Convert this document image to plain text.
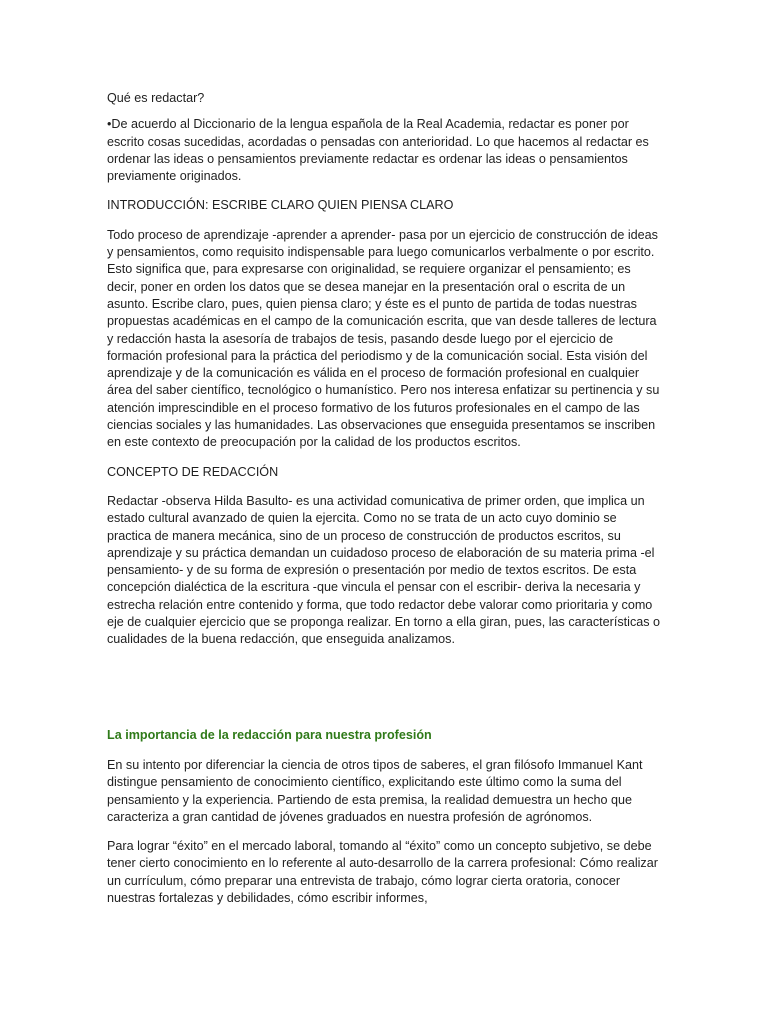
Qué es redactar?

•De acuerdo al Diccionario de la lengua española de la Real Academia, redactar es poner por escrito cosas sucedidas, acordadas o pensadas con anterioridad. Lo que hacemos al redactar es ordenar las ideas o pensamientos previamente redactar es ordenar las ideas o pensamientos previamente originados.

INTRODUCCIÓN: ESCRIBE CLARO QUIEN PIENSA CLARO

Todo proceso de aprendizaje -aprender a aprender- pasa por un ejercicio de construcción de ideas y pensamientos, como requisito indispensable para luego comunicarlos verbalmente o por escrito. Esto significa que, para expresarse con originalidad, se requiere organizar el pensamiento; es decir, poner en orden los datos que se desea manejar en la presentación oral o escrita de un asunto. Escribe claro, pues, quien piensa claro; y éste es el punto de partida de todas nuestras propuestas académicas en el campo de la comunicación escrita, que van desde talleres de lectura y redacción hasta la asesoría de trabajos de tesis, pasando desde luego por el ejercicio de formación profesional para la práctica del periodismo y de la comunicación social. Esta visión del aprendizaje y de la comunicación es válida en el proceso de formación profesional en cualquier área del saber científico, tecnológico o humanístico. Pero nos interesa enfatizar su pertinencia y su atención imprescindible en el proceso formativo de los futuros profesionales en el campo de las ciencias sociales y las humanidades. Las observaciones que enseguida presentamos se inscriben en este contexto de preocupación por la calidad de los productos escritos.

CONCEPTO DE REDACCIÓN

Redactar -observa Hilda Basulto- es una actividad comunicativa de primer orden, que implica un estado cultural avanzado de quien la ejercita. Como no se trata de un acto cuyo dominio se practica de manera mecánica, sino de un proceso de construcción de productos escritos, su aprendizaje y su práctica demandan un cuidadoso proceso de elaboración de su materia prima -el pensamiento- y de su forma de expresión o presentación por medio de textos escritos. De esta concepción dialéctica de la escritura -que vincula el pensar con el escribir- deriva la necesaria y estrecha relación entre contenido y forma, que todo redactor debe valorar como prioritaria y como eje de cualquier ejercicio que se proponga realizar. En torno a ella giran, pues, las características o cualidades de la buena redacción, que enseguida analizamos.

La importancia de la redacción para nuestra profesión

En su intento por diferenciar la ciencia de otros tipos de saberes, el gran filósofo Immanuel Kant distingue pensamiento de conocimiento científico, explicitando este último como la suma del pensamiento y la experiencia. Partiendo de esta premisa, la realidad demuestra un hecho que caracteriza a gran cantidad de jóvenes graduados en nuestra profesión de agrónomos.

Para lograr “éxito” en el mercado laboral, tomando al “éxito” como un concepto subjetivo, se debe tener cierto conocimiento en lo referente al auto-desarrollo de la carrera profesional: Cómo realizar un currículum, cómo preparar una entrevista de trabajo, cómo lograr cierta oratoria, conocer nuestras fortalezas y debilidades, cómo escribir informes,
